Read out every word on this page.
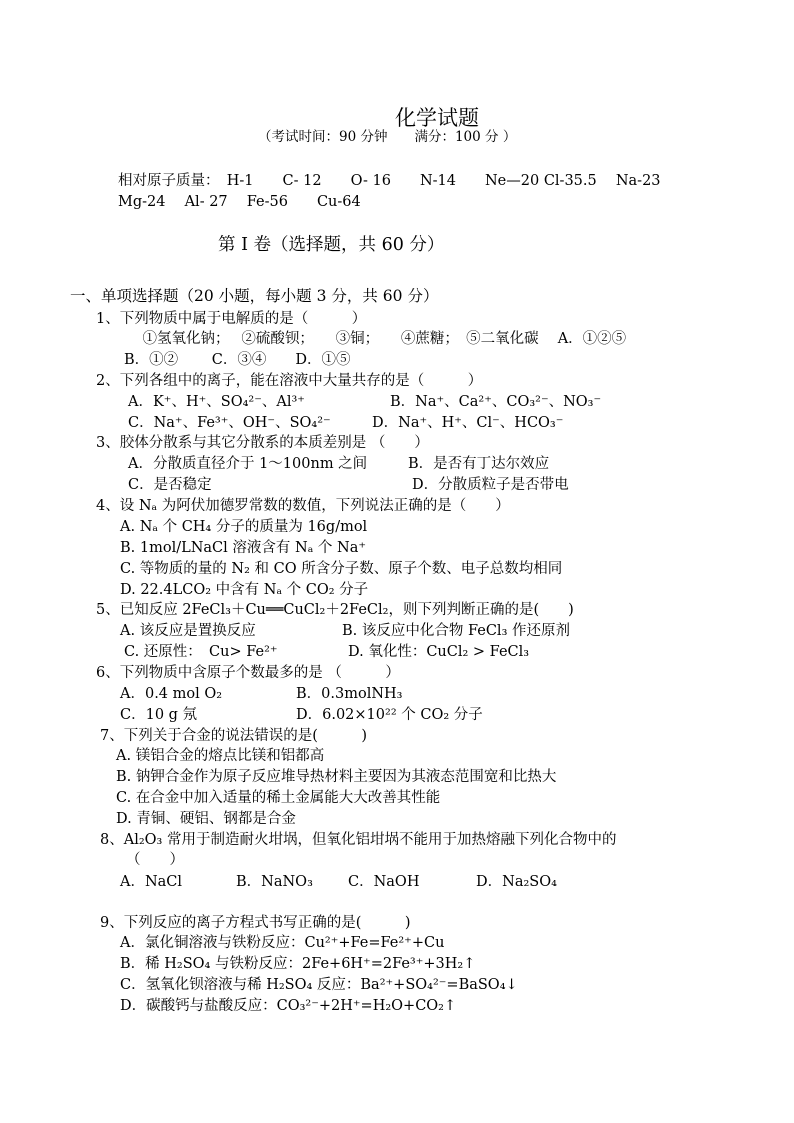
化学试题
（考试时间：90 分钟　　满分：100 分 ）
相对原子质量：　H-1　　C- 12　　O- 16　　N-14　　Ne—20 Cl-35.5　 Na-23
Mg-24　 Al- 27　 Fe-56　　Cu-64
第 I 卷（选择题，共 60 分）
一、单项选择题（20 小题，每小题 3 分，共 60 分）
1、下列物质中属于电解质的是（　　　）
　①氢氧化钠；　 ②硫酸钡；　　③铜；　　④蔗糖；　⑤二氧化碳　 A．①②⑤
B．①②　　 C．③④　　D．①⑤
2、下列各组中的离子，能在溶液中大量共存的是（　　　）
A．K⁺、H⁺、SO₄²⁻、Al³⁺	B．Na⁺、Ca²⁺、CO₃²⁻、NO₃⁻
C．Na⁺、Fe³⁺、OH⁻、SO₄²⁻	D．Na⁺、H⁺、Cl⁻、HCO₃⁻
3、胶体分散系与其它分散系的本质差别是 （　　）
A．分散质直径介于 1～100nm 之间	B．是否有丁达尔效应
C．是否稳定	D．分散质粒子是否带电
4、设 Nₐ 为阿伏加德罗常数的数值，下列说法正确的是（　　）
A. Nₐ 个 CH₄ 分子的质量为 16g/mol
B. 1mol/LNaCl 溶液含有 Nₐ 个 Na⁺
C. 等物质的量的 N₂ 和 CO 所含分子数、原子个数、电子总数均相同
D. 22.4LCO₂ 中含有 Nₐ 个 CO₂ 分子
5、已知反应 2FeCl₃＋Cu══CuCl₂＋2FeCl₂，则下列判断正确的是(　　)
A. 该反应是置换反应	B. 该反应中化合物 FeCl₃ 作还原剂
C. 还原性：　Cu> Fe²⁺	D. 氧化性：CuCl₂ > FeCl₃
6、下列物质中含原子个数最多的是 （　　　）
A．0.4 mol O₂	B．0.3molNH₃
C．10 g 氖	D．6.02×10²² 个 CO₂ 分子
7、下列关于合金的说法错误的是(　　　)
A. 镁铝合金的熔点比镁和铝都高
B. 钠钾合金作为原子反应堆导热材料主要因为其液态范围宽和比热大
C. 在合金中加入适量的稀土金属能大大改善其性能
D. 青铜、硬铝、钢都是合金
8、Al₂O₃ 常用于制造耐火坩埚，但氧化铝坩埚不能用于加热熔融下列化合物中的
（　　）
A．NaCl	B．NaNO₃ C．NaOH	D．Na₂SO₄
9、下列反应的离子方程式书写正确的是(　　　)
A．氯化铜溶液与铁粉反应：Cu²⁺+Fe=Fe²⁺+Cu
B．稀 H₂SO₄ 与铁粉反应：2Fe+6H⁺=2Fe³⁺+3H₂↑
C．氢氧化钡溶液与稀 H₂SO₄ 反应：Ba²⁺+SO₄²⁻=BaSO₄↓
D．碳酸钙与盐酸反应：CO₃²⁻+2H⁺=H₂O+CO₂↑
